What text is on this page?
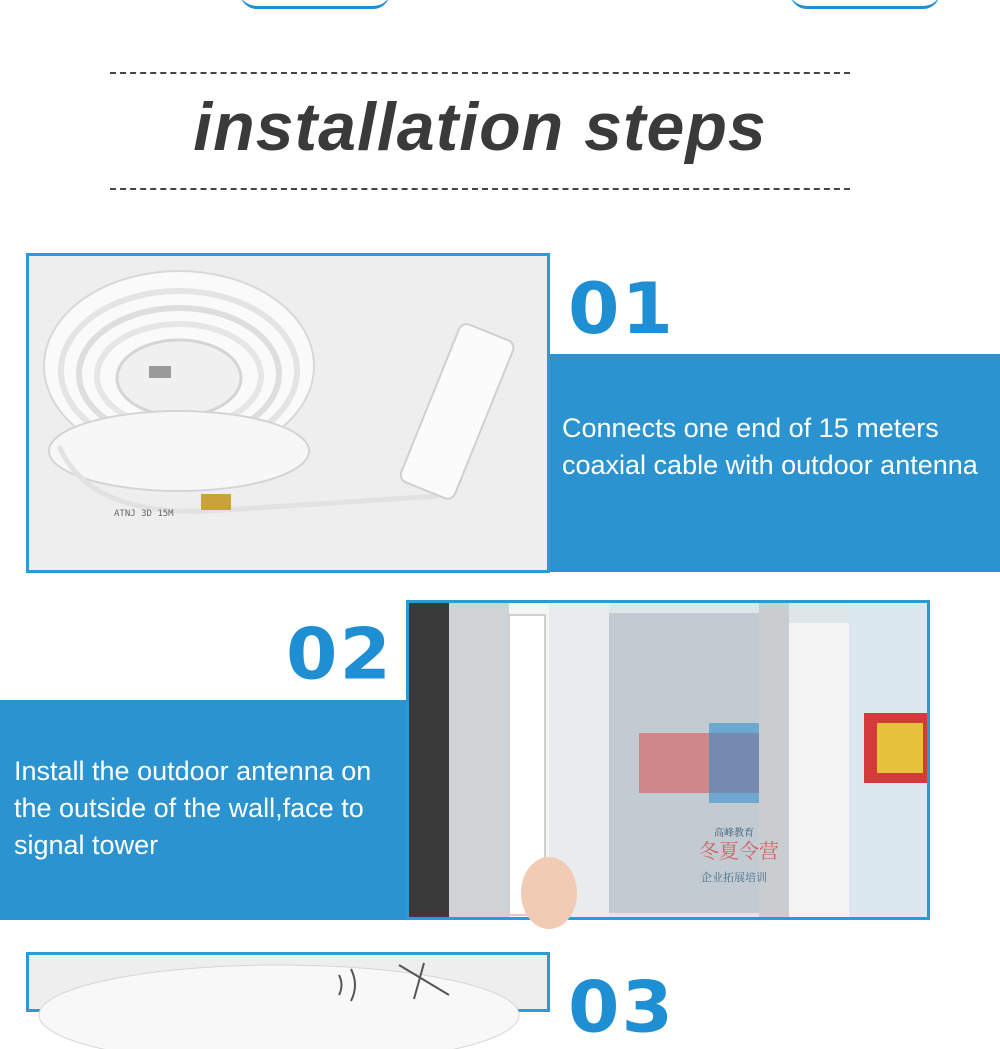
installation steps
ATNJ 3D 15M
01
Connects one end of 15 meters coaxial cable with outdoor antenna
冬夏令营
企业拓展培训
高峰教育
02
Install the outdoor antenna on the outside of the wall,face to signal tower
03
